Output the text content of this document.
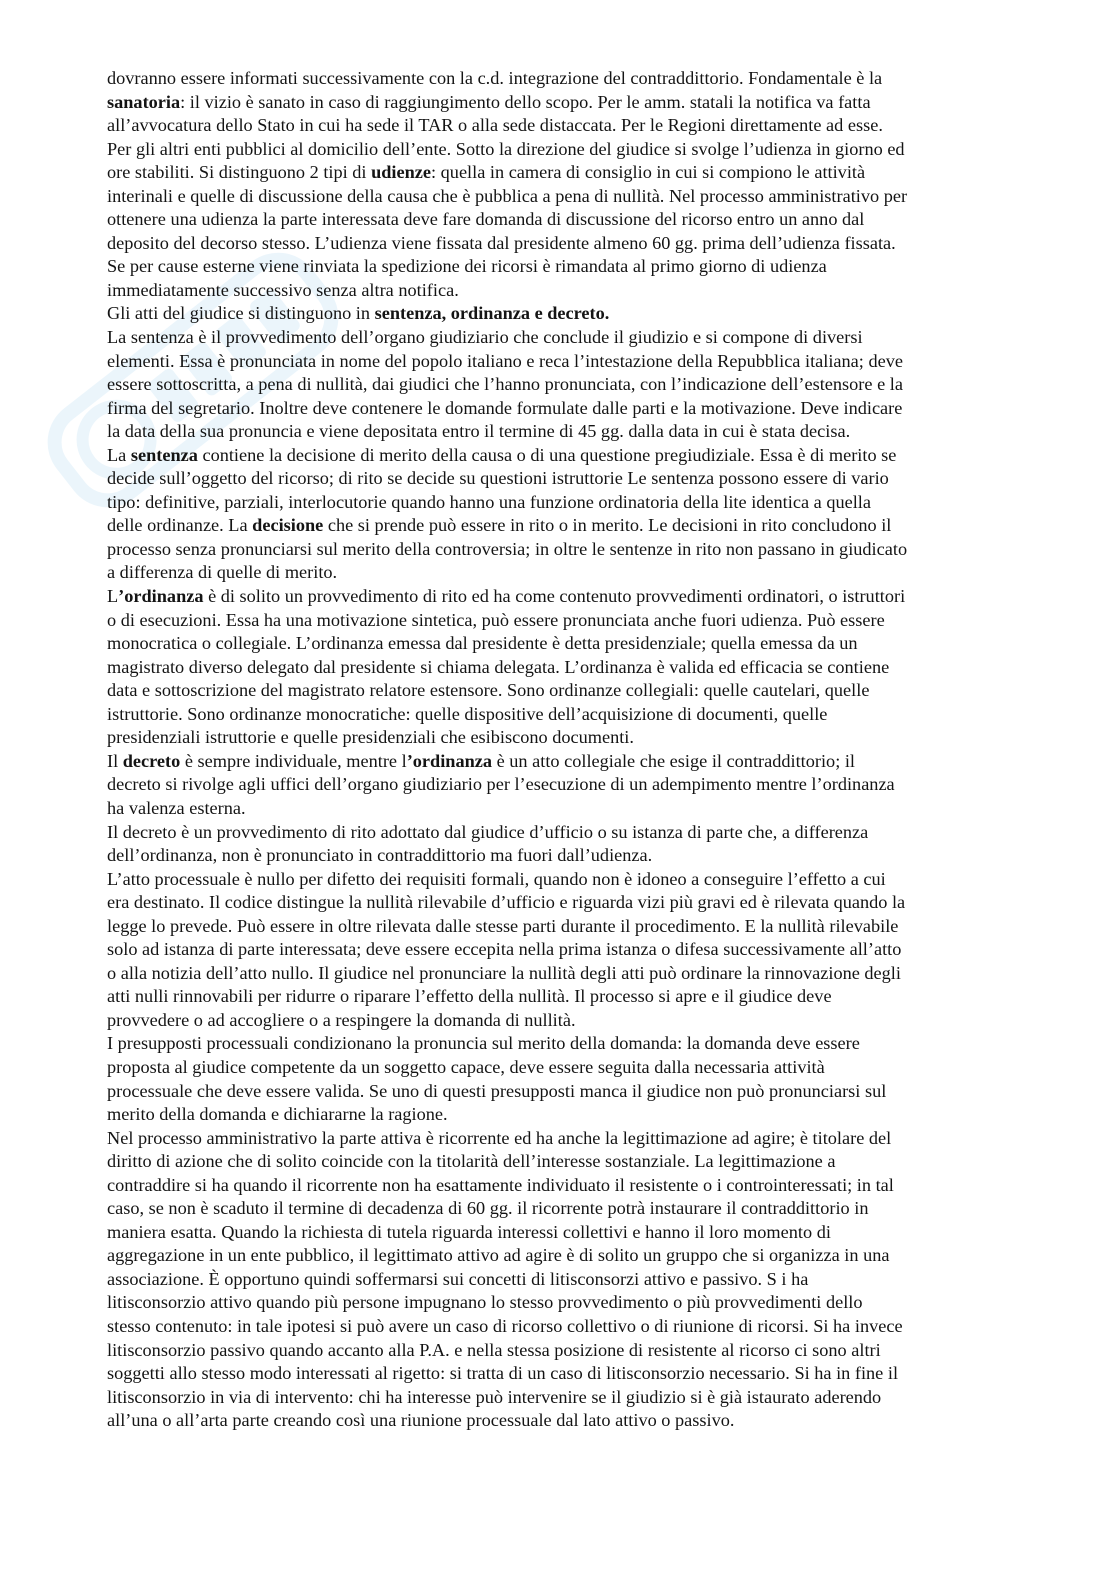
dovranno essere informati successivamente con la c.d. integrazione del contraddittorio. Fondamentale è la
sanatoria: il vizio è sanato in caso di raggiungimento dello scopo. Per le amm. statali la notifica va fatta
all’avvocatura dello Stato in cui ha sede il TAR o alla sede distaccata. Per le Regioni direttamente ad esse.
Per gli altri enti pubblici al domicilio dell’ente. Sotto la direzione del giudice si svolge l’udienza in giorno ed
ore stabiliti. Si distinguono 2 tipi di udienze: quella in camera di consiglio in cui si compiono le attività
interinali e quelle di discussione della causa che è pubblica a pena di nullità. Nel processo amministrativo per
ottenere una udienza la parte interessata deve fare domanda di discussione del ricorso entro un anno dal
deposito del decorso stesso. L’udienza viene fissata dal presidente almeno 60 gg. prima dell’udienza fissata.
Se per cause esterne viene rinviata la spedizione dei ricorsi è rimandata al primo giorno di udienza
immediatamente successivo senza altra notifica.
Gli atti del giudice si distinguono in sentenza, ordinanza e decreto.
La sentenza è il provvedimento dell’organo giudiziario che conclude il giudizio e si compone di diversi
elementi. Essa è pronunciata in nome del popolo italiano e reca l’intestazione della Repubblica italiana; deve
essere sottoscritta, a pena di nullità, dai giudici che l’hanno pronunciata, con l’indicazione dell’estensore e la
firma del segretario. Inoltre deve contenere le domande formulate dalle parti e la motivazione. Deve indicare
la data della sua pronuncia e viene depositata entro il termine di 45 gg. dalla data in cui è stata decisa.
La sentenza contiene la decisione di merito della causa o di una questione pregiudiziale. Essa è di merito se
decide sull’oggetto del ricorso; di rito se decide su questioni istruttorie Le sentenza possono essere di vario
tipo: definitive, parziali, interlocutorie quando hanno una funzione ordinatoria della lite identica a quella
delle ordinanze. La decisione che si prende può essere in rito o in merito. Le decisioni in rito concludono il
processo senza pronunciarsi sul merito della controversia; in oltre le sentenze in rito non passano in giudicato
a differenza di quelle di merito.
L’ordinanza è di solito un provvedimento di rito ed ha come contenuto provvedimenti ordinatori, o istruttori
o di esecuzioni. Essa ha una motivazione sintetica, può essere pronunciata anche fuori udienza. Può essere
monocratica o collegiale. L’ordinanza emessa dal presidente è detta presidenziale; quella emessa da un
magistrato diverso delegato dal presidente si chiama delegata. L’ordinanza è valida ed efficacia se contiene
data e sottoscrizione del magistrato relatore estensore. Sono ordinanze collegiali: quelle cautelari, quelle
istruttorie. Sono ordinanze monocratiche: quelle dispositive dell’acquisizione di documenti, quelle
presidenziali istruttorie e quelle presidenziali che esibiscono documenti.
Il decreto è sempre individuale, mentre l’ordinanza è un atto collegiale che esige il contraddittorio; il
decreto si rivolge agli uffici dell’organo giudiziario per l’esecuzione di un adempimento mentre l’ordinanza
ha valenza esterna.
Il decreto è un provvedimento di rito adottato dal giudice d’ufficio o su istanza di parte che, a differenza
dell’ordinanza, non è pronunciato in contraddittorio ma fuori dall’udienza.
L’atto processuale è nullo per difetto dei requisiti formali, quando non è idoneo a conseguire l’effetto a cui
era destinato. Il codice distingue la nullità rilevabile d’ufficio e riguarda vizi più gravi ed è rilevata quando la
legge lo prevede. Può essere in oltre rilevata dalle stesse parti durante il procedimento. E la nullità rilevabile
solo ad istanza di parte interessata; deve essere eccepita nella prima istanza o difesa successivamente all’atto
o alla notizia dell’atto nullo. Il giudice nel pronunciare la nullità degli atti può ordinare la rinnovazione degli
atti nulli rinnovabili per ridurre o riparare l’effetto della nullità. Il processo si apre e il giudice deve
provvedere o ad accogliere o a respingere la domanda di nullità.
I presupposti processuali condizionano la pronuncia sul merito della domanda: la domanda deve essere
proposta al giudice competente da un soggetto capace, deve essere seguita dalla necessaria attività
processuale che deve essere valida. Se uno di questi presupposti manca il giudice non può pronunciarsi sul
merito della domanda e dichiararne la ragione.
Nel processo amministrativo la parte attiva è ricorrente ed ha anche la legittimazione ad agire; è titolare del
diritto di azione che di solito coincide con la titolarità dell’interesse sostanziale. La legittimazione a
contraddire si ha quando il ricorrente non ha esattamente individuato il resistente o i controinteressati; in tal
caso, se non è scaduto il termine di decadenza di 60 gg. il ricorrente potrà instaurare il contraddittorio in
maniera esatta. Quando la richiesta di tutela riguarda interessi collettivi e hanno il loro momento di
aggregazione in un ente pubblico, il legittimato attivo ad agire è di solito un gruppo che si organizza in una
associazione. È opportuno quindi soffermarsi sui concetti di litisconsorzi attivo e passivo. S i ha
litisconsorzio attivo quando più persone impugnano lo stesso provvedimento o più provvedimenti dello
stesso contenuto: in tale ipotesi si può avere un caso di ricorso collettivo o di riunione di ricorsi. Si ha invece
litisconsorzio passivo quando accanto alla P.A. e nella stessa posizione di resistente al ricorso ci sono altri
soggetti allo stesso modo interessati al rigetto: si tratta di un caso di litisconsorzio necessario. Si ha in fine il
litisconsorzio in via di intervento: chi ha interesse può intervenire se il giudizio si è già istaurato aderendo
all’una o all’arta parte creando così una riunione processuale dal lato attivo o passivo.
